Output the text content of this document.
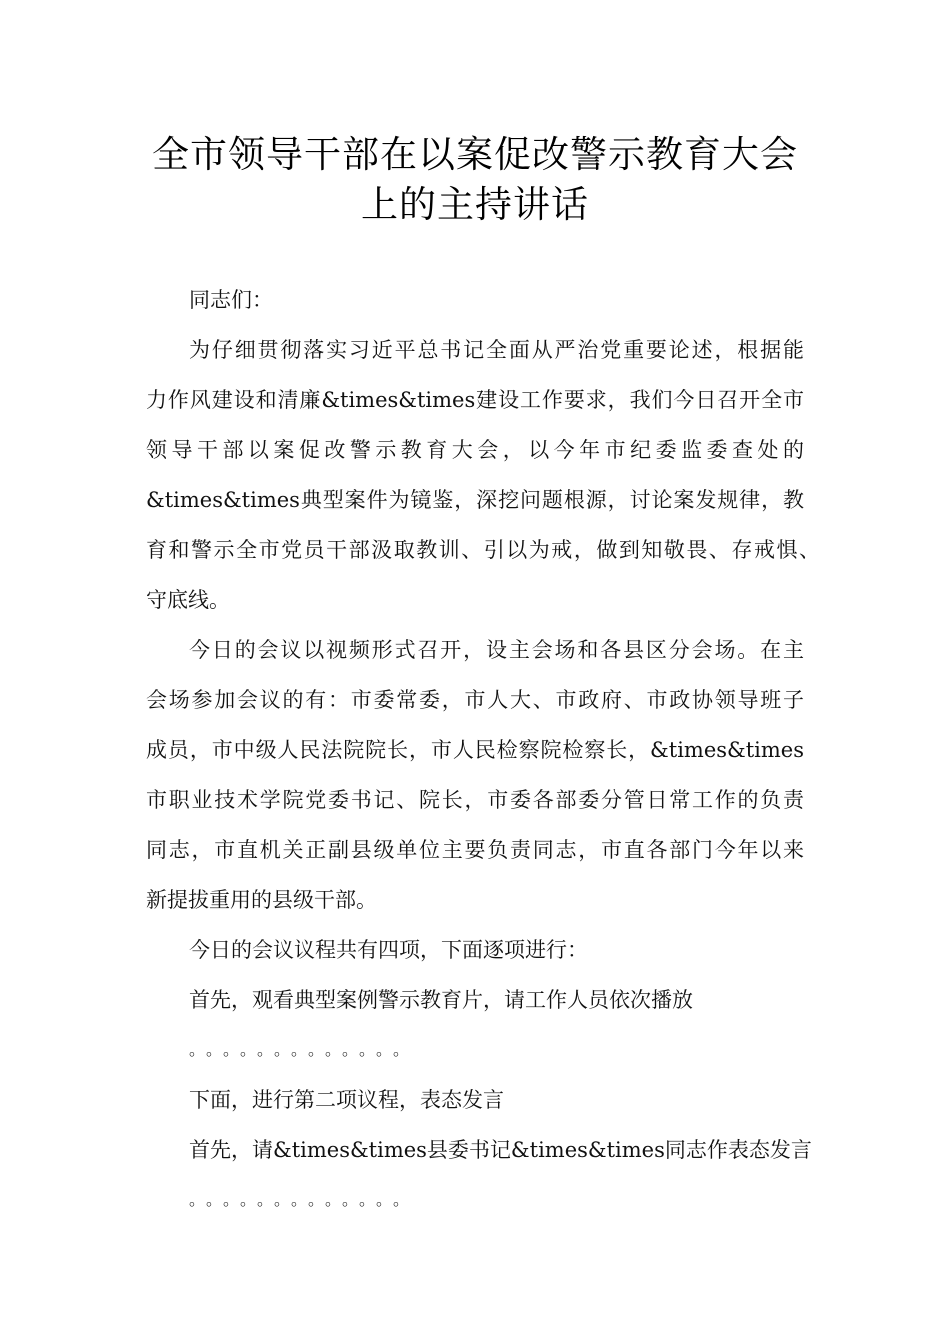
全市领导干部在以案促改警示教育大会
上的主持讲话
同志们：
为仔细贯彻落实习近平总书记全面从严治党重要论述，根据能
力作风建设和清廉&times&times建设工作要求，我们今日召开全市
领导干部以案促改警示教育大会，以今年市纪委监委查处的
&times&times典型案件为镜鉴，深挖问题根源，讨论案发规律，教
育和警示全市党员干部汲取教训、引以为戒，做到知敬畏、存戒惧、
守底线。
今日的会议以视频形式召开，设主会场和各县区分会场。在主
会场参加会议的有：市委常委，市人大、市政府、市政协领导班子
成员，市中级人民法院院长，市人民检察院检察长，&times&times
市职业技术学院党委书记、院长，市委各部委分管日常工作的负责
同志，市直机关正副县级单位主要负责同志，市直各部门今年以来
新提拔重用的县级干部。
今日的会议议程共有四项，下面逐项进行：
首先，观看典型案例警示教育片，请工作人员依次播放
。。。。。。。。。。。。。
下面，进行第二项议程，表态发言
首先，请&times&times县委书记&times&times同志作表态发言
。。。。。。。。。。。。。
